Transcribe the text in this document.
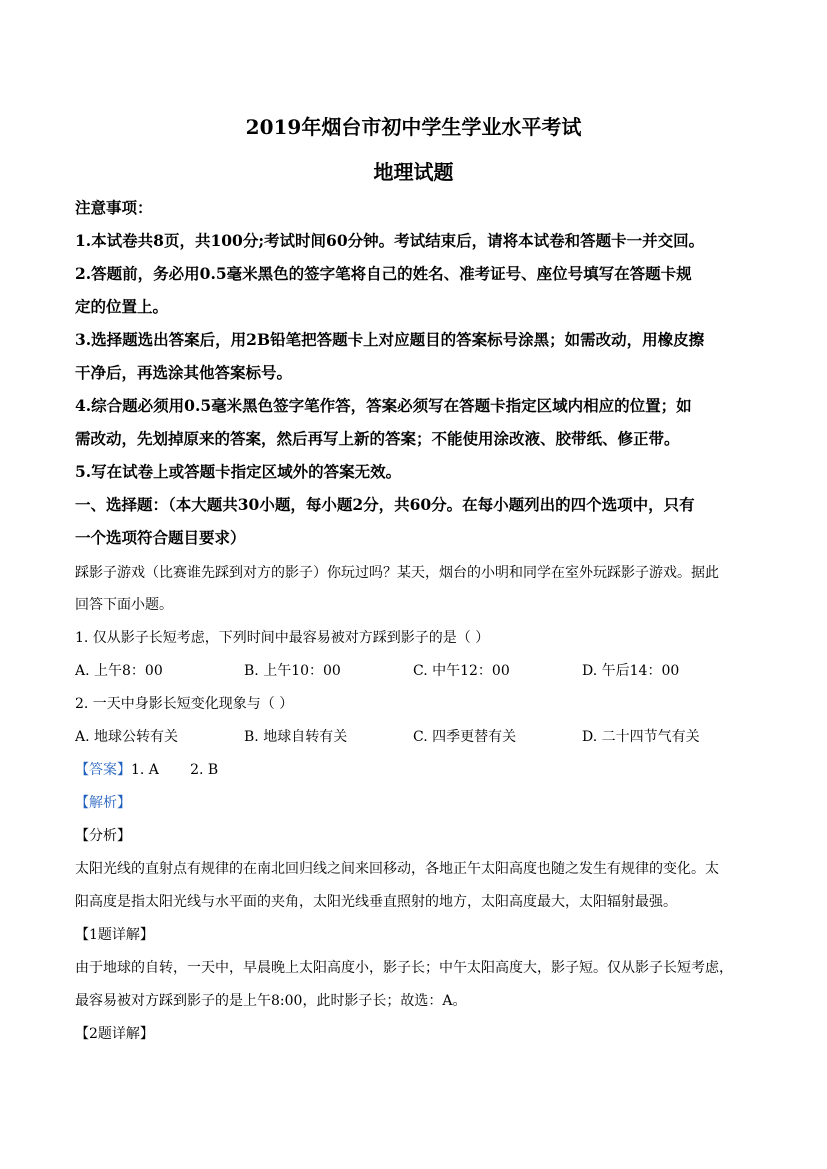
2019年烟台市初中学生学业水平考试
地理试题
注意事项：
1.本试卷共8页，共100分;考试时间60分钟。考试结束后，请将本试卷和答题卡一并交回。
2.答题前，务必用0.5毫米黑色的签字笔将自己的姓名、准考证号、座位号填写在答题卡规
定的位置上。
3.选择题选出答案后，用2B铅笔把答题卡上对应题目的答案标号涂黑；如需改动，用橡皮擦
干净后，再选涂其他答案标号。
4.综合题必须用0.5毫米黑色签字笔作答，答案必须写在答题卡指定区域内相应的位置；如
需改动，先划掉原来的答案，然后再写上新的答案；不能使用涂改液、胶带纸、修正带。
5.写在试卷上或答题卡指定区域外的答案无效。
一、选择题：（本大题共30小题，每小题2分，共60分。在每小题列出的四个选项中，只有
一个选项符合题目要求）
踩影子游戏（比赛谁先踩到对方的影子）你玩过吗？某天，烟台的小明和同学在室外玩踩影子游戏。据此
回答下面小题。
1. 仅从影子长短考虑，下列时间中最容易被对方踩到影子的是（ ）
A. 上午8：00	B. 上午10：00	C. 中午12：00	D. 午后14：00
2. 一天中身影长短变化现象与（ ）
A. 地球公转有关	B. 地球自转有关	C. 四季更替有关	D. 二十四节气有关
【答案】1. A       2. B
【解析】
【分析】
太阳光线的直射点有规律的在南北回归线之间来回移动，各地正午太阳高度也随之发生有规律的变化。太
阳高度是指太阳光线与水平面的夹角，太阳光线垂直照射的地方，太阳高度最大，太阳辐射最强。
【1题详解】
由于地球的自转，一天中，早晨晚上太阳高度小，影子长；中午太阳高度大，影子短。仅从影子长短考虑，
最容易被对方踩到影子的是上午8:00，此时影子长；故选：A。
【2题详解】
